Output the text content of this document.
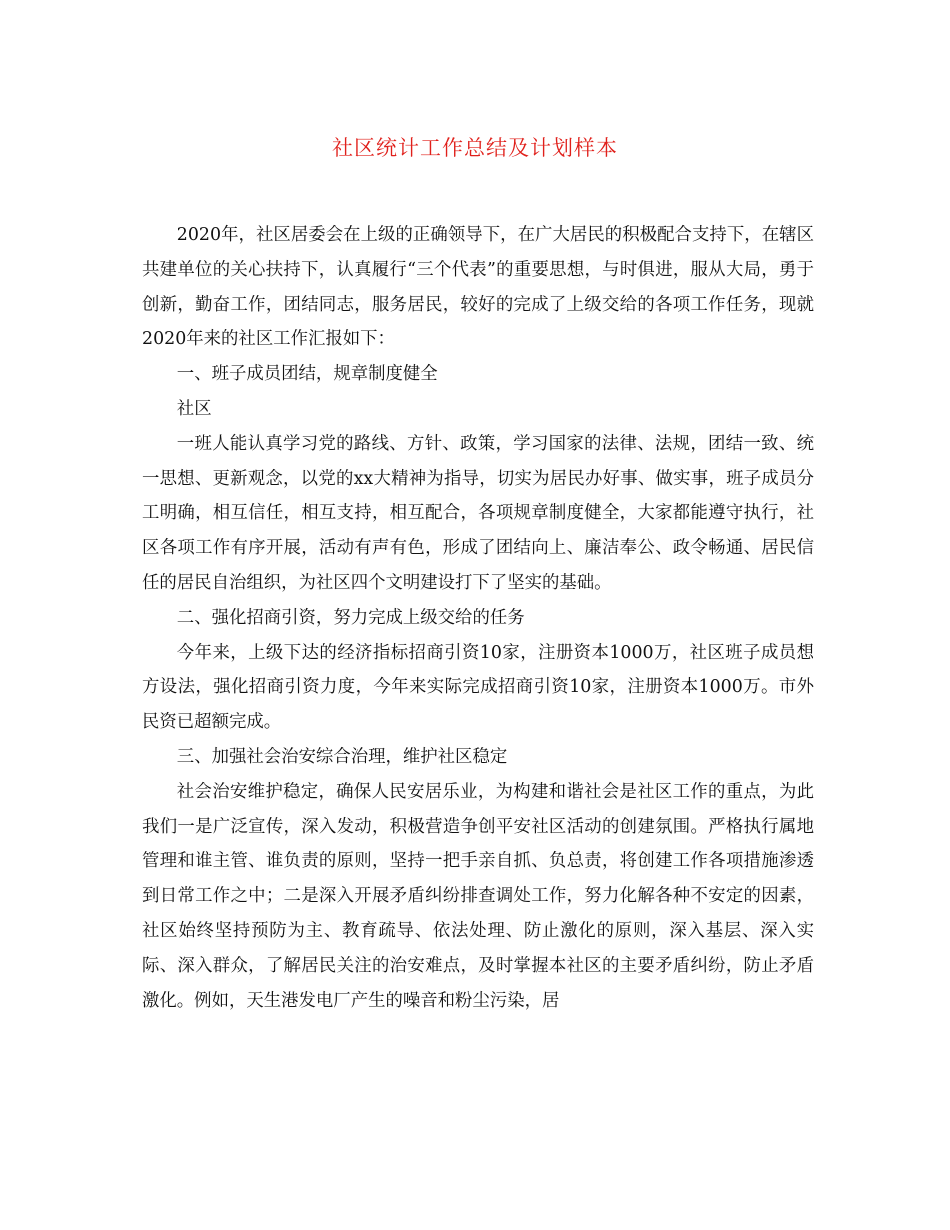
社区统计工作总结及计划样本

2020年，社区居委会在上级的正确领导下，在广大居民的积极配合支持下，在辖区共建单位的关心扶持下，认真履行“三个代表”的重要思想，与时俱进，服从大局，勇于创新，勤奋工作，团结同志，服务居民，较好的完成了上级交给的各项工作任务，现就2020年来的社区工作汇报如下：

一、班子成员团结，规章制度健全

社区

一班人能认真学习党的路线、方针、政策，学习国家的法律、法规，团结一致、统一思想、更新观念，以党的xx大精神为指导，切实为居民办好事、做实事，班子成员分工明确，相互信任，相互支持，相互配合，各项规章制度健全，大家都能遵守执行，社区各项工作有序开展，活动有声有色，形成了团结向上、廉洁奉公、政令畅通、居民信任的居民自治组织，为社区四个文明建设打下了坚实的基础。

二、强化招商引资，努力完成上级交给的任务

今年来，上级下达的经济指标招商引资10家，注册资本1000万，社区班子成员想方设法，强化招商引资力度，今年来实际完成招商引资10家，注册资本1000万。市外民资已超额完成。

三、加强社会治安综合治理，维护社区稳定

社会治安维护稳定，确保人民安居乐业，为构建和谐社会是社区工作的重点，为此我们一是广泛宣传，深入发动，积极营造争创平安社区活动的创建氛围。严格执行属地管理和谁主管、谁负责的原则，坚持一把手亲自抓、负总责，将创建工作各项措施渗透到日常工作之中；二是深入开展矛盾纠纷排查调处工作，努力化解各种不安定的因素，社区始终坚持预防为主、教育疏导、依法处理、防止激化的原则，深入基层、深入实际、深入群众，了解居民关注的治安难点，及时掌握本社区的主要矛盾纠纷，防止矛盾激化。例如，天生港发电厂产生的噪音和粉尘污染，居
